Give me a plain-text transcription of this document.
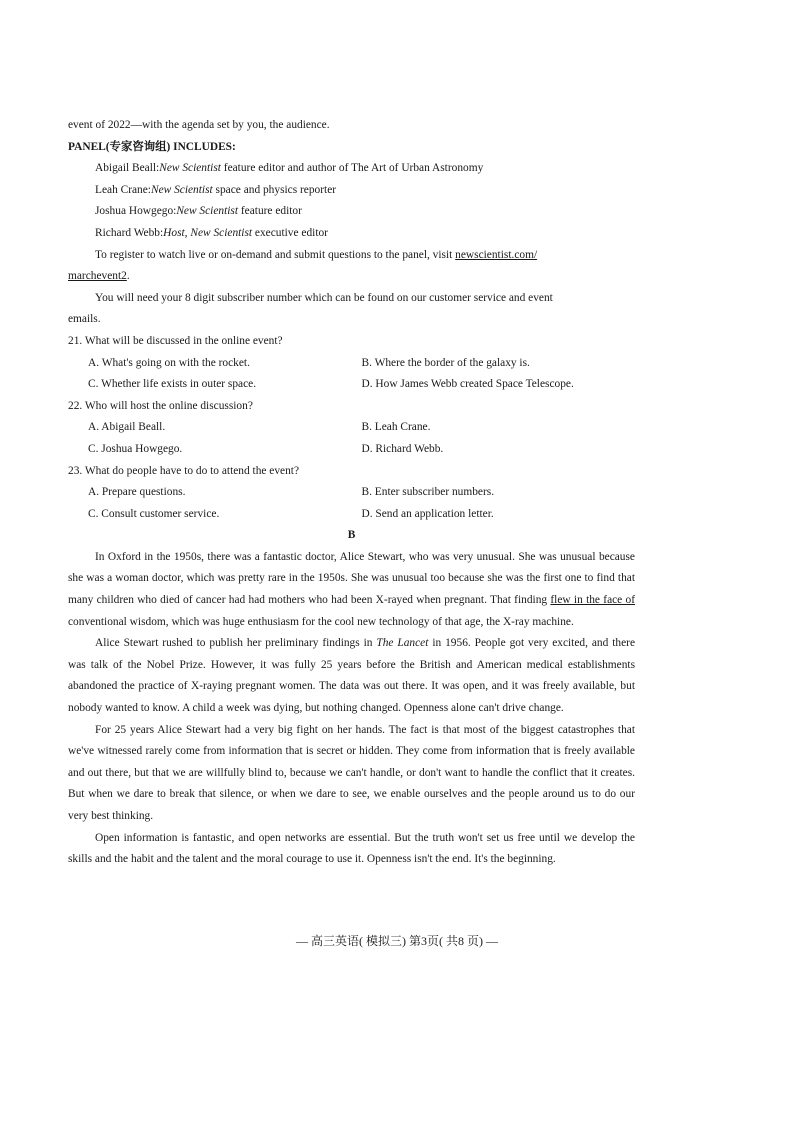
event of 2022—with the agenda set by you, the audience.
PANEL(专家咨询组) INCLUDES:
Abigail Beall:New Scientist feature editor and author of The Art of Urban Astronomy
Leah Crane:New Scientist space and physics reporter
Joshua Howgego:New Scientist feature editor
Richard Webb:Host, New Scientist executive editor
To register to watch live or on-demand and submit questions to the panel, visit newscientist.com/
marchevent2.
You will need your 8 digit subscriber number which can be found on our customer service and event
emails.
21. What will be discussed in the online event?
A. What's going on with the rocket.	B. Where the border of the galaxy is.
C. Whether life exists in outer space.	D. How James Webb created Space Telescope.
22. Who will host the online discussion?
A. Abigail Beall.	B. Leah Crane.
C. Joshua Howgego.	D. Richard Webb.
23. What do people have to do to attend the event?
A. Prepare questions.	B. Enter subscriber numbers.
C. Consult customer service.	D. Send an application letter.
B

In Oxford in the 1950s, there was a fantastic doctor, Alice Stewart, who was very unusual. She was unusual because she was a woman doctor, which was pretty rare in the 1950s. She was unusual too because she was the first one to find that many children who died of cancer had had mothers who had been X-rayed when pregnant. That finding flew in the face of conventional wisdom, which was huge enthusiasm for the cool new technology of that age, the X-ray machine.

Alice Stewart rushed to publish her preliminary findings in The Lancet in 1956. People got very excited, and there was talk of the Nobel Prize. However, it was fully 25 years before the British and American medical establishments abandoned the practice of X-raying pregnant women. The data was out there. It was open, and it was freely available, but nobody wanted to know. A child a week was dying, but nothing changed. Openness alone can't drive change.

For 25 years Alice Stewart had a very big fight on her hands. The fact is that most of the biggest catastrophes that we've witnessed rarely come from information that is secret or hidden. They come from information that is freely available and out there, but that we are willfully blind to, because we can't handle, or don't want to handle the conflict that it creates. But when we dare to break that silence, or when we dare to see, we enable ourselves and the people around us to do our very best thinking.

Open information is fantastic, and open networks are essential. But the truth won't set us free until we develop the skills and the habit and the talent and the moral courage to use it. Openness isn't the end. It's the beginning.

— 高三英语( 模拟三) 第3页( 共8 页) —
